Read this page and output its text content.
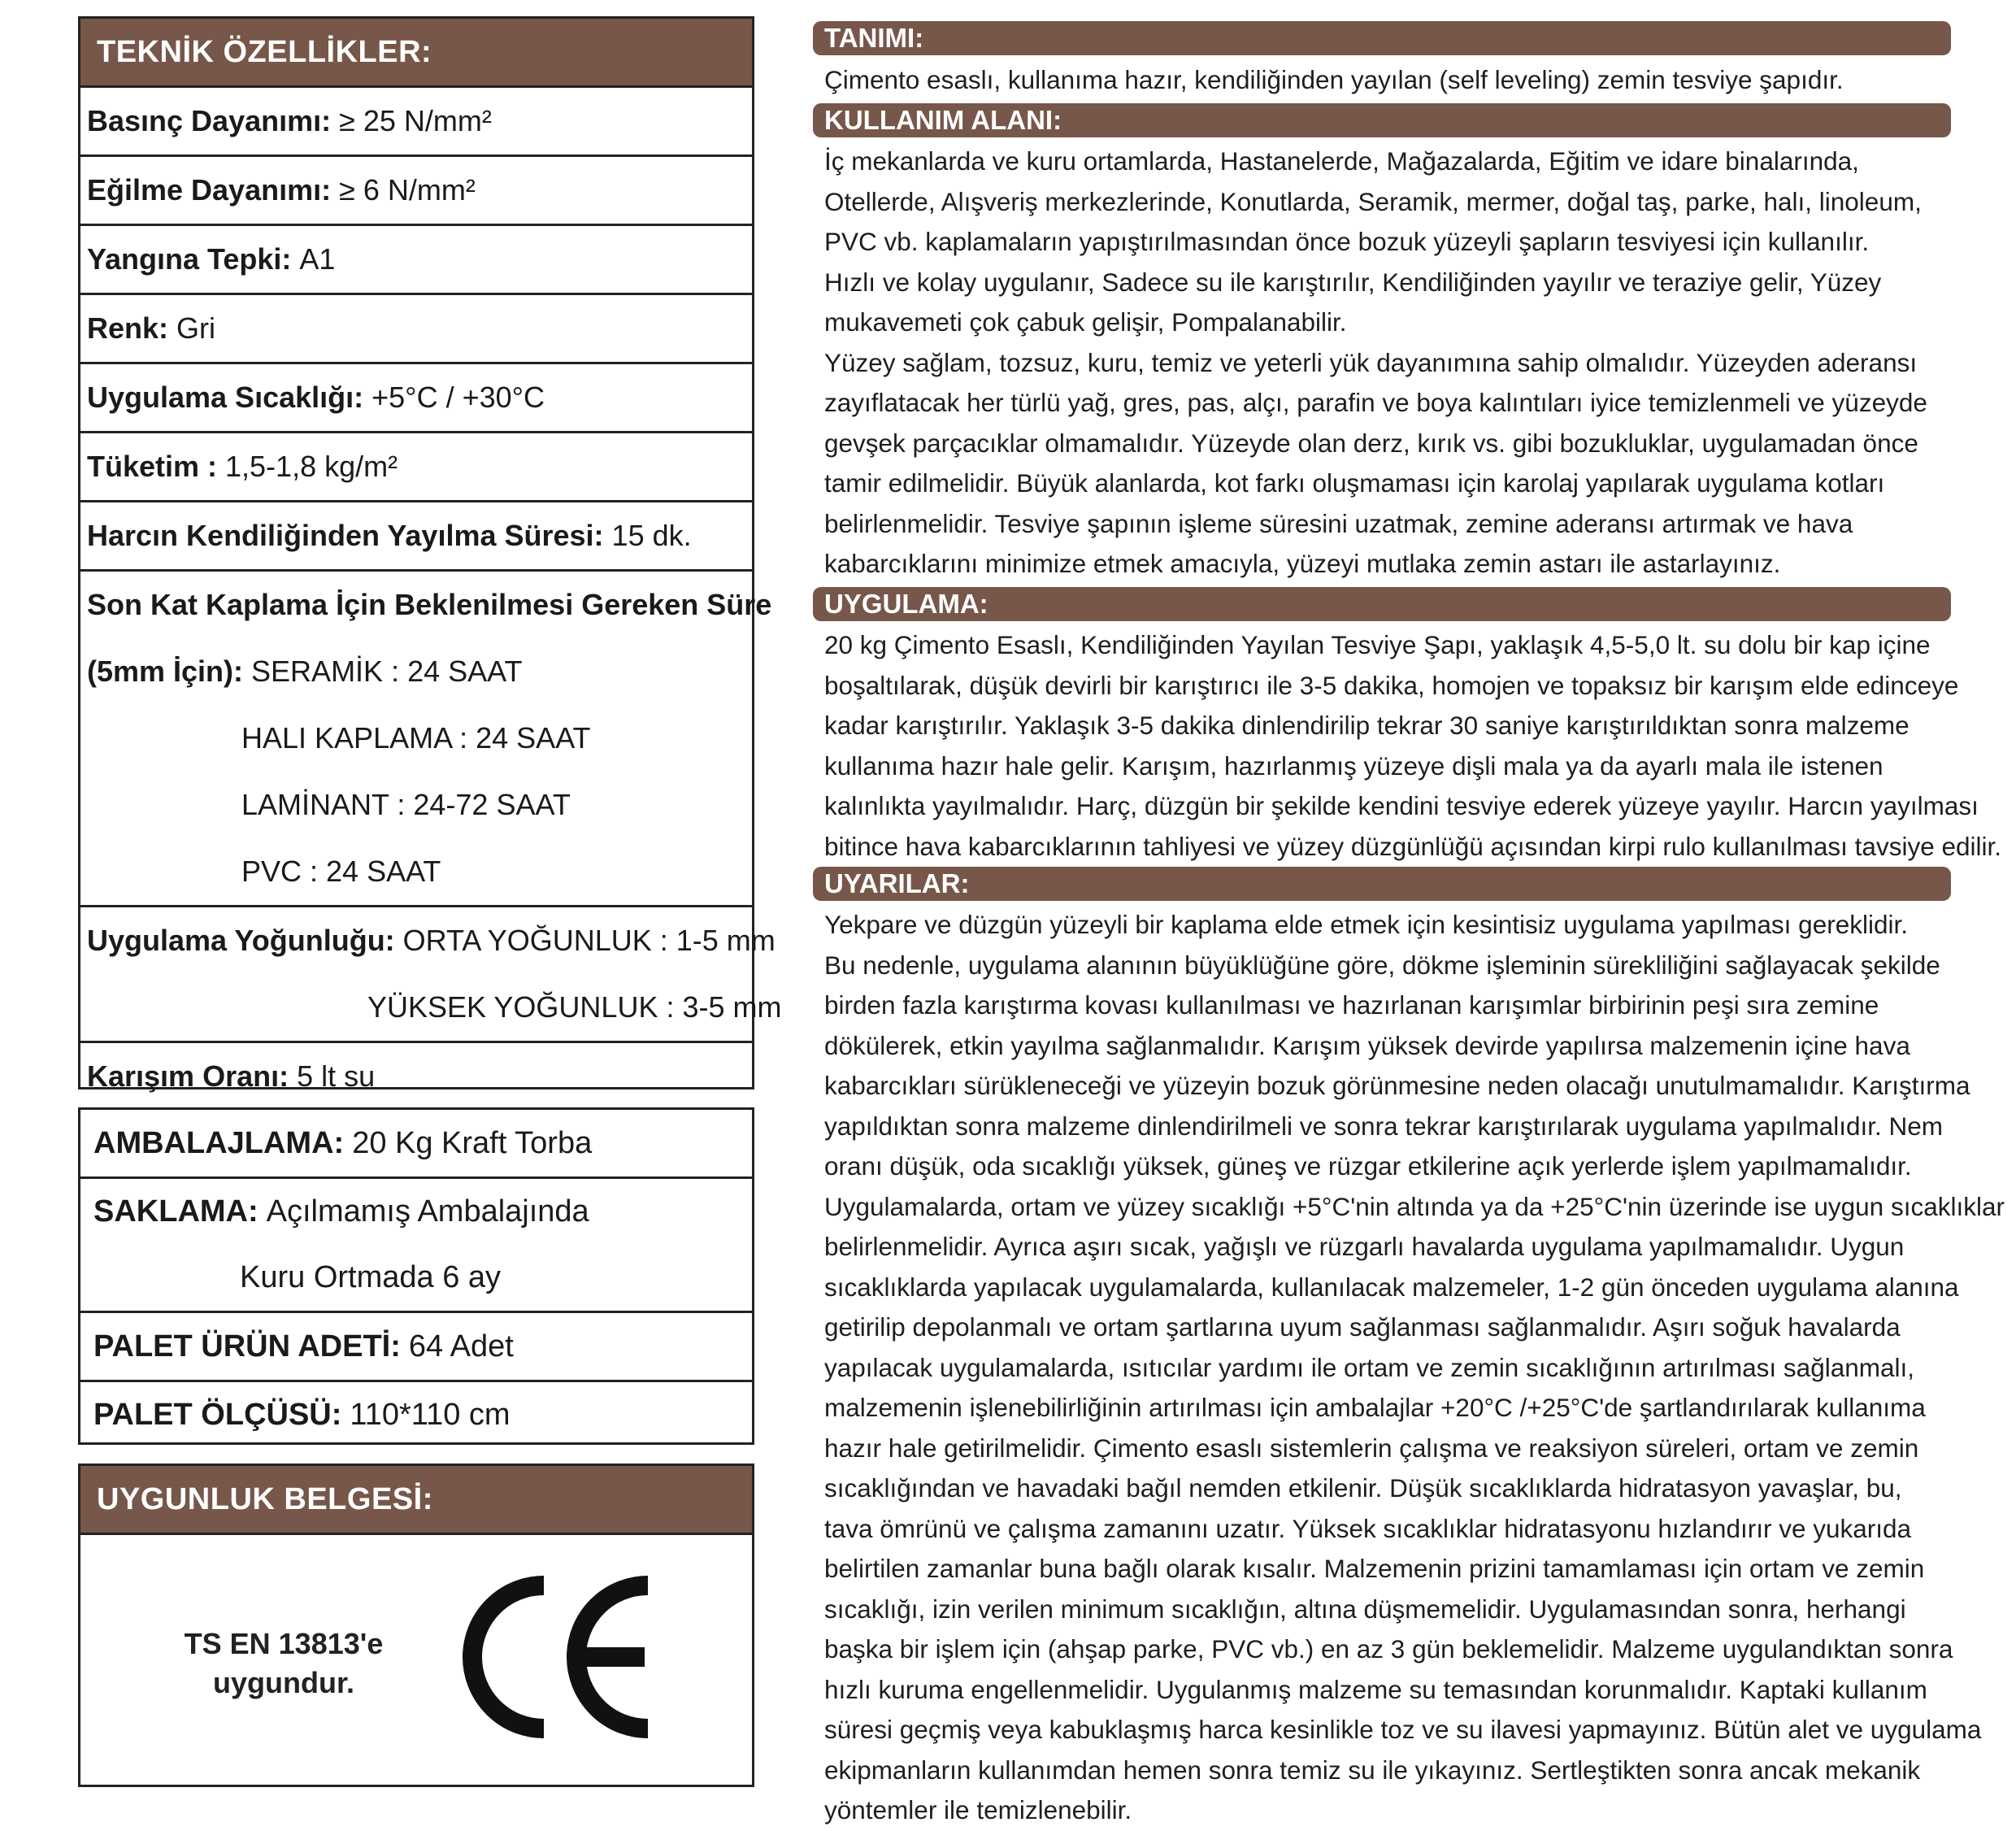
TEKNİK ÖZELLİKLER:
Basınç Dayanımı: ≥ 25 N/mm²
Eğilme Dayanımı: ≥ 6 N/mm²
Yangına Tepki: A1
Renk: Gri
Uygulama Sıcaklığı: +5°C / +30°C
Tüketim : 1,5-1,8 kg/m²
Harcın Kendiliğinden Yayılma Süresi: 15 dk.
Son Kat Kaplama İçin Beklenilmesi Gereken Süre
(5mm İçin): SERAMİK : 24 SAAT
HALI KAPLAMA : 24 SAAT
LAMİNANT : 24-72 SAAT
PVC : 24 SAAT
Uygulama Yoğunluğu: ORTA YOĞUNLUK : 1-5 mm
YÜKSEK YOĞUNLUK : 3-5 mm
Karışım Oranı: 5 lt su
AMBALAJLAMA: 20 Kg Kraft Torba
SAKLAMA: Açılmamış Ambalajında
Kuru Ortmada 6 ay
PALET ÜRÜN ADETİ: 64 Adet
PALET ÖLÇÜSÜ: 110*110 cm
UYGUNLUK BELGESİ:
TS EN 13813'e
uygundur.
TANIMI:
Çimento esaslı, kullanıma hazır, kendiliğinden yayılan (self leveling) zemin tesviye şapıdır.
KULLANIM ALANI:
İç mekanlarda ve kuru ortamlarda, Hastanelerde, Mağazalarda, Eğitim ve idare binalarında,
Otellerde, Alışveriş merkezlerinde, Konutlarda, Seramik, mermer, doğal taş, parke, halı, linoleum,
PVC vb. kaplamaların yapıştırılmasından önce bozuk yüzeyli şapların tesviyesi için kullanılır.
Hızlı ve kolay uygulanır, Sadece su ile karıştırılır, Kendiliğinden yayılır ve teraziye gelir, Yüzey
mukavemeti çok çabuk gelişir, Pompalanabilir.
Yüzey sağlam, tozsuz, kuru, temiz ve yeterli yük dayanımına sahip olmalıdır. Yüzeyden aderansı
zayıflatacak her türlü yağ, gres, pas, alçı, parafin ve boya kalıntıları iyice temizlenmeli ve yüzeyde
gevşek parçacıklar olmamalıdır. Yüzeyde olan derz, kırık vs. gibi bozukluklar, uygulamadan önce
tamir edilmelidir. Büyük alanlarda, kot farkı oluşmaması için karolaj yapılarak uygulama kotları
belirlenmelidir. Tesviye şapının işleme süresini uzatmak, zemine aderansı artırmak ve hava
kabarcıklarını minimize etmek amacıyla, yüzeyi mutlaka zemin astarı ile astarlayınız.
UYGULAMA:
20 kg Çimento Esaslı, Kendiliğinden Yayılan Tesviye Şapı, yaklaşık 4,5-5,0 lt. su dolu bir kap içine
boşaltılarak, düşük devirli bir karıştırıcı ile 3-5 dakika, homojen ve topaksız bir karışım elde edinceye
kadar karıştırılır. Yaklaşık 3-5 dakika dinlendirilip tekrar 30 saniye karıştırıldıktan sonra malzeme
kullanıma hazır hale gelir. Karışım, hazırlanmış yüzeye dişli mala ya da ayarlı mala ile istenen
kalınlıkta yayılmalıdır. Harç, düzgün bir şekilde kendini tesviye ederek yüzeye yayılır. Harcın yayılması
bitince hava kabarcıklarının tahliyesi ve yüzey düzgünlüğü açısından kirpi rulo kullanılması tavsiye edilir.
UYARILAR:
Yekpare ve düzgün yüzeyli bir kaplama elde etmek için kesintisiz uygulama yapılması gereklidir.
Bu nedenle, uygulama alanının büyüklüğüne göre, dökme işleminin sürekliliğini sağlayacak şekilde
birden fazla karıştırma kovası kullanılması ve hazırlanan karışımlar birbirinin peşi sıra zemine
dökülerek, etkin yayılma sağlanmalıdır. Karışım yüksek devirde yapılırsa malzemenin içine hava
kabarcıkları sürükleneceği ve yüzeyin bozuk görünmesine neden olacağı unutulmamalıdır. Karıştırma
yapıldıktan sonra malzeme dinlendirilmeli ve sonra tekrar karıştırılarak uygulama yapılmalıdır. Nem
oranı düşük, oda sıcaklığı yüksek, güneş ve rüzgar etkilerine açık yerlerde işlem yapılmamalıdır.
Uygulamalarda, ortam ve yüzey sıcaklığı +5°C'nin altında ya da +25°C'nin üzerinde ise uygun sıcaklıklar
belirlenmelidir. Ayrıca aşırı sıcak, yağışlı ve rüzgarlı havalarda uygulama yapılmamalıdır. Uygun
sıcaklıklarda yapılacak uygulamalarda, kullanılacak malzemeler, 1-2 gün önceden uygulama alanına
getirilip depolanmalı ve ortam şartlarına uyum sağlanması sağlanmalıdır. Aşırı soğuk havalarda
yapılacak uygulamalarda, ısıtıcılar yardımı ile ortam ve zemin sıcaklığının artırılması sağlanmalı,
malzemenin işlenebilirliğinin artırılması için ambalajlar +20°C /+25°C'de şartlandırılarak kullanıma
hazır hale getirilmelidir. Çimento esaslı sistemlerin çalışma ve reaksiyon süreleri, ortam ve zemin
sıcaklığından ve havadaki bağıl nemden etkilenir. Düşük sıcaklıklarda hidratasyon yavaşlar, bu,
tava ömrünü ve çalışma zamanını uzatır. Yüksek sıcaklıklar hidratasyonu hızlandırır ve yukarıda
belirtilen zamanlar buna bağlı olarak kısalır. Malzemenin prizini tamamlaması için ortam ve zemin
sıcaklığı, izin verilen minimum sıcaklığın, altına düşmemelidir. Uygulamasından sonra, herhangi
başka bir işlem için (ahşap parke, PVC vb.) en az 3 gün beklemelidir. Malzeme uygulandıktan sonra
hızlı kuruma engellenmelidir. Uygulanmış malzeme su temasından korunmalıdır. Kaptaki kullanım
süresi geçmiş veya kabuklaşmış harca kesinlikle toz ve su ilavesi yapmayınız. Bütün alet ve uygulama
ekipmanların kullanımdan hemen sonra temiz su ile yıkayınız. Sertleştikten sonra ancak mekanik
yöntemler ile temizlenebilir.
